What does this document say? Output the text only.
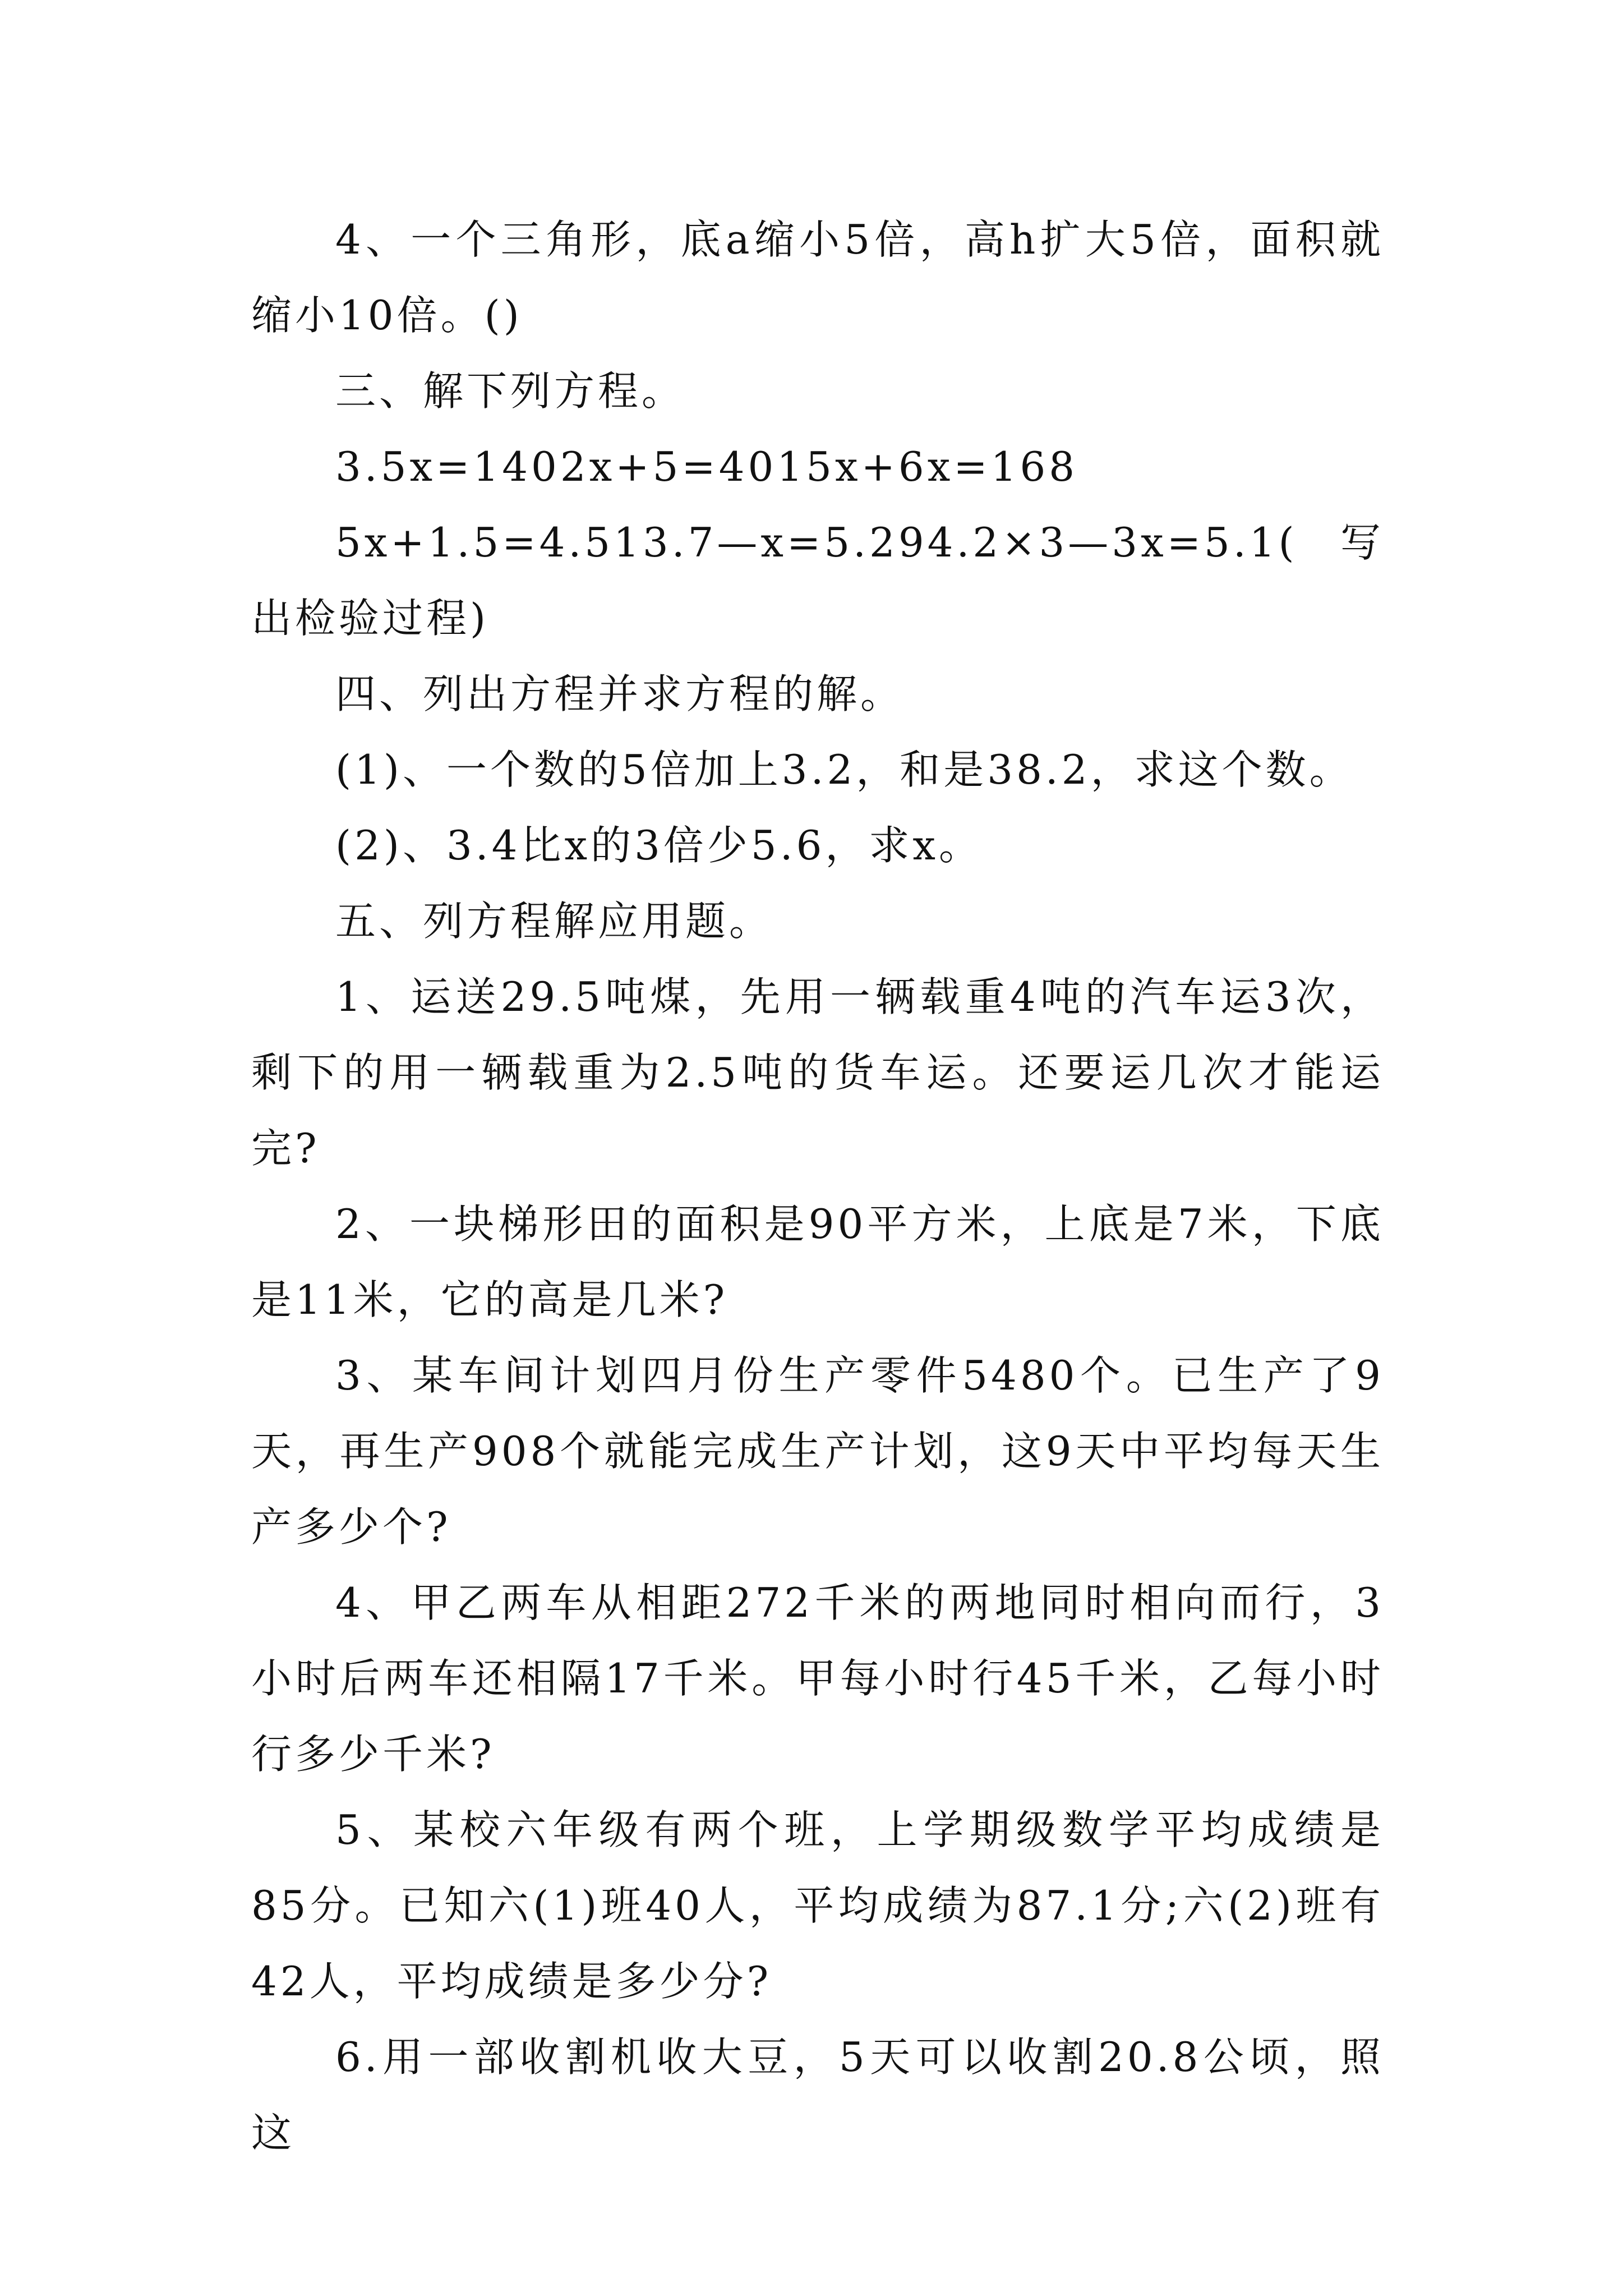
4、一个三角形，底a缩小5倍，高h扩大5倍，面积就缩小10倍。()

三、解下列方程。

3.5x=1402x+5=4015x+6x=168

5x+1.5=4.513.7—x=5.294.2×3—3x=5.1(写出检验过程)

四、列出方程并求方程的解。

(1)、一个数的5倍加上3.2，和是38.2，求这个数。

(2)、3.4比x的3倍少5.6，求x。

五、列方程解应用题。

1、运送29.5吨煤，先用一辆载重4吨的汽车运3次，剩下的用一辆载重为2.5吨的货车运。还要运几次才能运完?

2、一块梯形田的面积是90平方米，上底是7米，下底是11米，它的高是几米?

3、某车间计划四月份生产零件5480个。已生产了9天，再生产908个就能完成生产计划，这9天中平均每天生产多少个?

4、甲乙两车从相距272千米的两地同时相向而行，3小时后两车还相隔17千米。甲每小时行45千米，乙每小时行多少千米?

5、某校六年级有两个班，上学期级数学平均成绩是85分。已知六(1)班40人，平均成绩为87.1分;六(2)班有42人，平均成绩是多少分?

6.用一部收割机收大豆，5天可以收割20.8公顷，照这
